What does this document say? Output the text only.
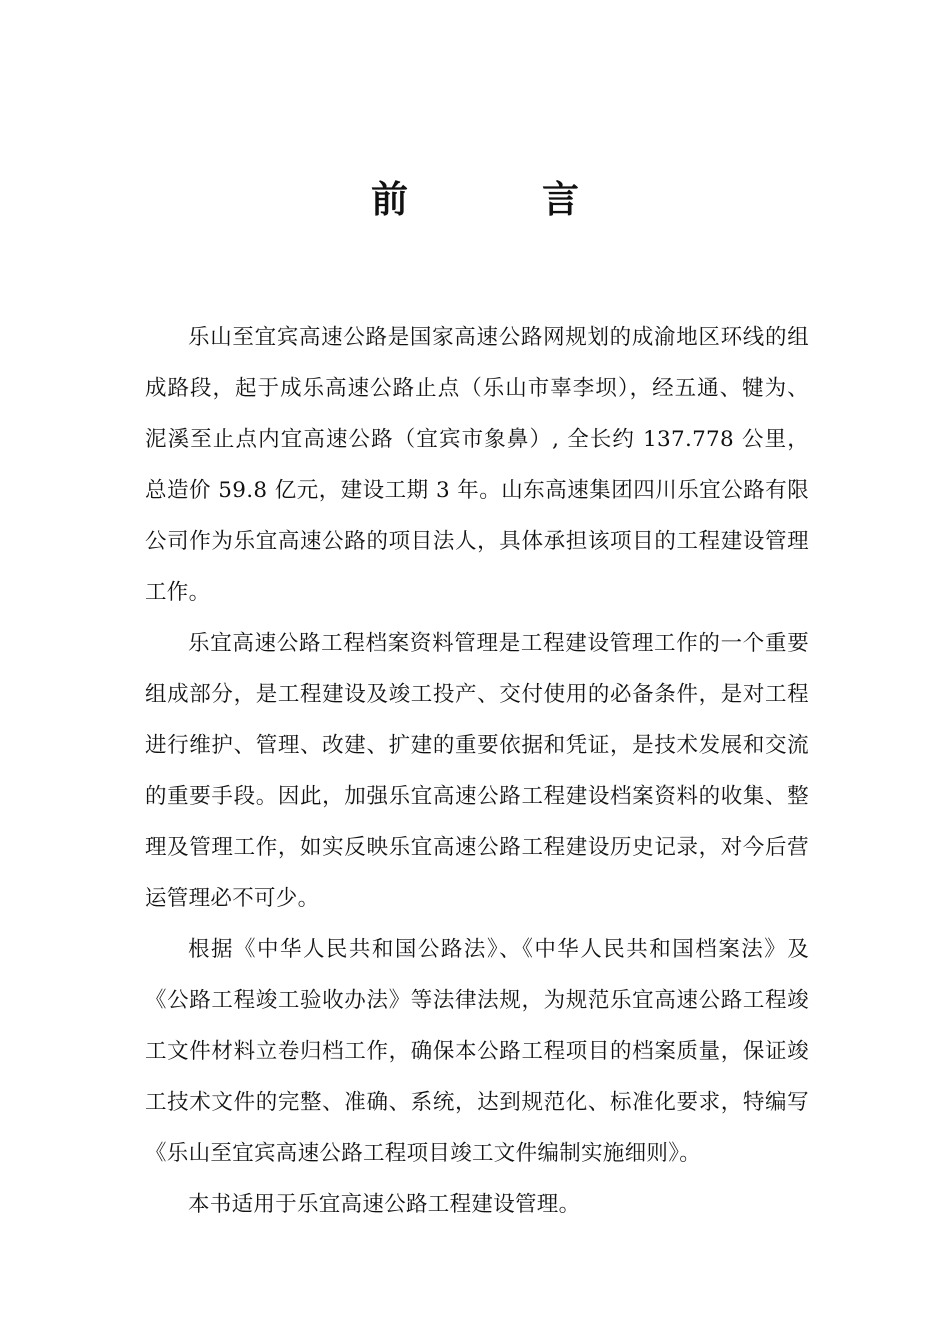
前言

乐山至宜宾高速公路是国家高速公路网规划的成渝地区环线的组成路段，起于成乐高速公路止点（乐山市辜李坝），经五通、犍为、泥溪至止点内宜高速公路（宜宾市象鼻）, 全长约 137.778 公里，总造价 59.8 亿元，建设工期 3 年。山东高速集团四川乐宜公路有限公司作为乐宜高速公路的项目法人，具体承担该项目的工程建设管理工作。

乐宜高速公路工程档案资料管理是工程建设管理工作的一个重要组成部分，是工程建设及竣工投产、交付使用的必备条件，是对工程进行维护、管理、改建、扩建的重要依据和凭证，是技术发展和交流的重要手段。因此，加强乐宜高速公路工程建设档案资料的收集、整理及管理工作，如实反映乐宜高速公路工程建设历史记录，对今后营运管理必不可少。

根据《中华人民共和国公路法》、《中华人民共和国档案法》及《公路工程竣工验收办法》等法律法规，为规范乐宜高速公路工程竣工文件材料立卷归档工作，确保本公路工程项目的档案质量，保证竣工技术文件的完整、准确、系统，达到规范化、标准化要求，特编写《乐山至宜宾高速公路工程项目竣工文件编制实施细则》。

本书适用于乐宜高速公路工程建设管理。
